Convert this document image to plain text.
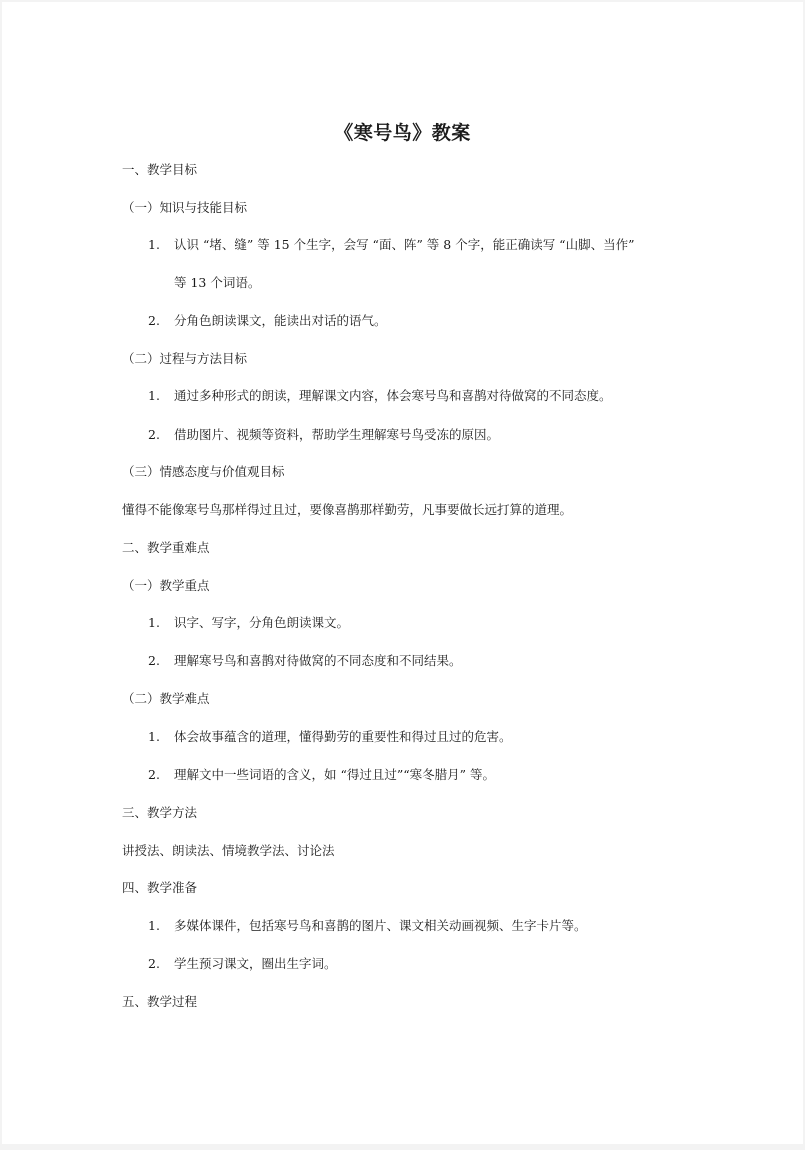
《寒号鸟》教案
一、教学目标
（一）知识与技能目标
1. 认识 “堵、缝” 等 15 个生字，会写 “面、阵” 等 8 个字，能正确读写 “山脚、当作”
等 13 个词语。
2. 分角色朗读课文，能读出对话的语气。
（二）过程与方法目标
1. 通过多种形式的朗读，理解课文内容，体会寒号鸟和喜鹊对待做窝的不同态度。
2. 借助图片、视频等资料，帮助学生理解寒号鸟受冻的原因。
（三）情感态度与价值观目标
懂得不能像寒号鸟那样得过且过，要像喜鹊那样勤劳，凡事要做长远打算的道理。
二、教学重难点
（一）教学重点
1. 识字、写字，分角色朗读课文。
2. 理解寒号鸟和喜鹊对待做窝的不同态度和不同结果。
（二）教学难点
1. 体会故事蕴含的道理，懂得勤劳的重要性和得过且过的危害。
2. 理解文中一些词语的含义，如 “得过且过”“寒冬腊月” 等。
三、教学方法
讲授法、朗读法、情境教学法、讨论法
四、教学准备
1. 多媒体课件，包括寒号鸟和喜鹊的图片、课文相关动画视频、生字卡片等。
2. 学生预习课文，圈出生字词。
五、教学过程
